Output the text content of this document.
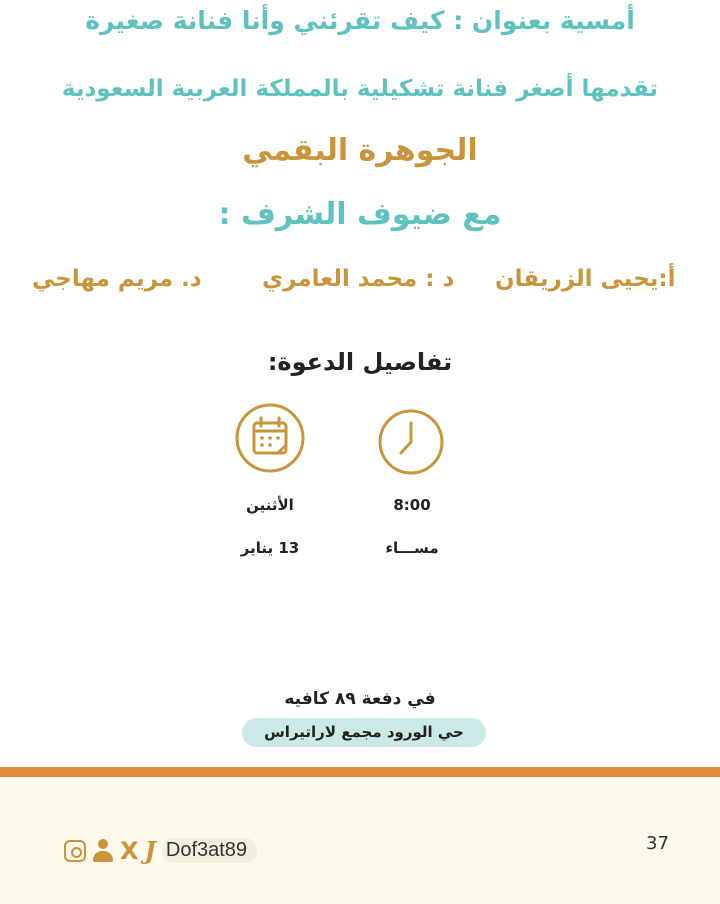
أمسية بعنوان : كيف تقرئني وأنا فنانة صغيرة
تقدمها أصغر فنانة تشكيلية بالمملكة العربية السعودية
الجوهرة البقمي
مع ضيوف الشرف :
أ:يحيى الزريقان
د : محمد العامري
د. مريم مهاجي
تفاصيل الدعوة:
الأثنين	8:00
13 يناير	مســـاء
في دفعة ٨٩ كافيه
حي الورود مجمع لاراتيراس
37
X J Dof3at89
